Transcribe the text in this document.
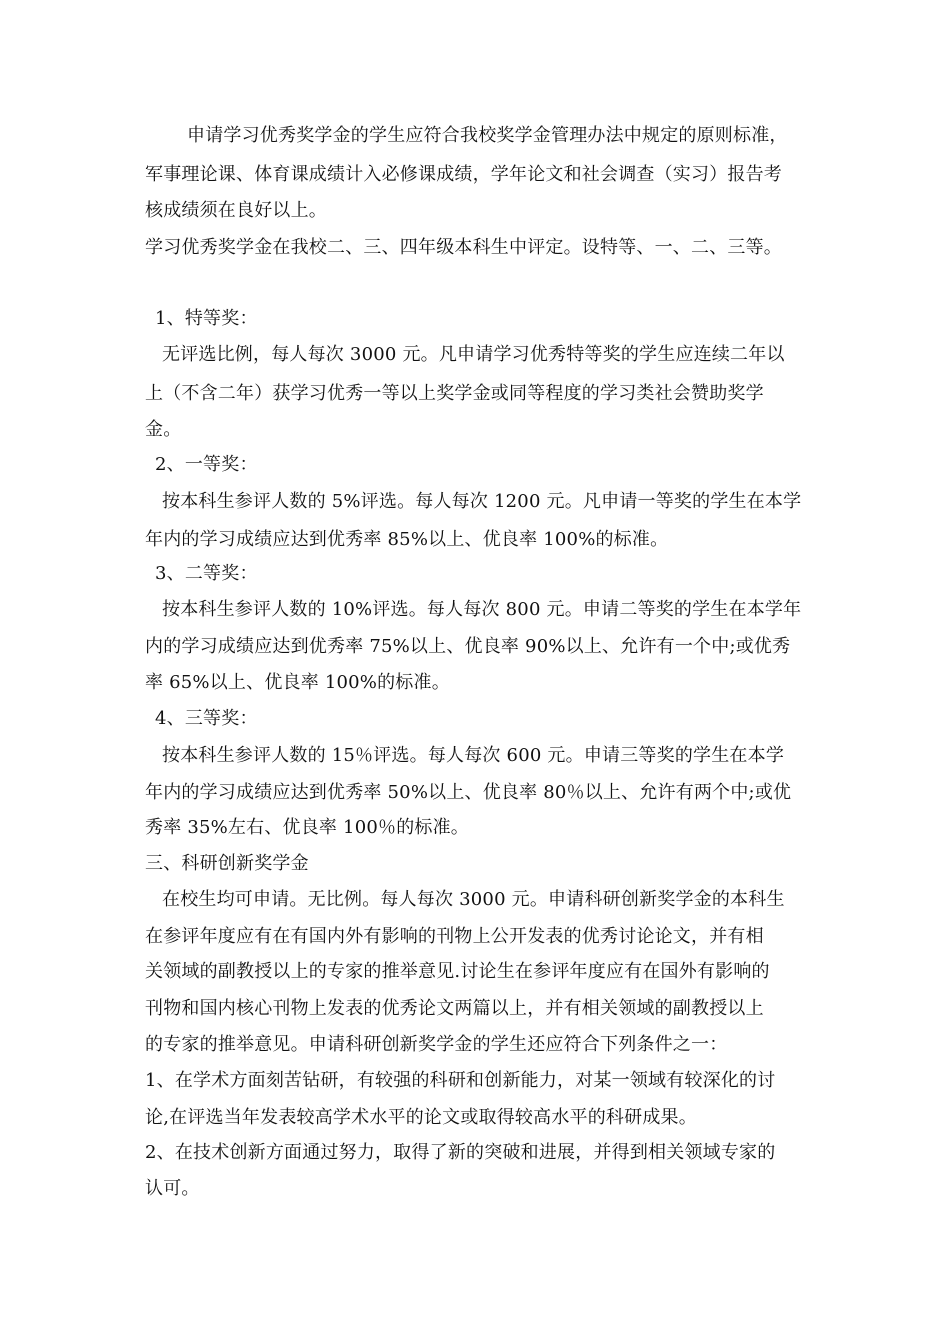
申请学习优秀奖学金的学生应符合我校奖学金管理办法中规定的原则标准，
军事理论课、体育课成绩计入必修课成绩，学年论文和社会调查（实习）报告考
核成绩须在良好以上。
学习优秀奖学金在我校二、三、四年级本科生中评定。设特等、一、二、三等。
1、特等奖：
无评选比例，每人每次 3000 元。凡申请学习优秀特等奖的学生应连续二年以
上（不含二年）获学习优秀一等以上奖学金或同等程度的学习类社会赞助奖学
金。
2、一等奖：
按本科生参评人数的 5%评选。每人每次 1200 元。凡申请一等奖的学生在本学
年内的学习成绩应达到优秀率 85%以上、优良率 100%的标准。
3、二等奖：
按本科生参评人数的 10%评选。每人每次 800 元。申请二等奖的学生在本学年
内的学习成绩应达到优秀率 75%以上、优良率 90%以上、允许有一个中;或优秀
率 65%以上、优良率 100%的标准。
4、三等奖：
按本科生参评人数的 15％评选。每人每次 600 元。申请三等奖的学生在本学
年内的学习成绩应达到优秀率 50%以上、优良率 80％以上、允许有两个中;或优
秀率 35%左右、优良率 100％的标准。
三、科研创新奖学金
在校生均可申请。无比例。每人每次 3000 元。申请科研创新奖学金的本科生
在参评年度应有在有国内外有影响的刊物上公开发表的优秀讨论论文，并有相
关领域的副教授以上的专家的推举意见.讨论生在参评年度应有在国外有影响的
刊物和国内核心刊物上发表的优秀论文两篇以上，并有相关领域的副教授以上
的专家的推举意见。申请科研创新奖学金的学生还应符合下列条件之一：
1、在学术方面刻苦钻研，有较强的科研和创新能力，对某一领域有较深化的讨
论,在评选当年发表较高学术水平的论文或取得较高水平的科研成果。
2、在技术创新方面通过努力，取得了新的突破和进展，并得到相关领域专家的
认可。
